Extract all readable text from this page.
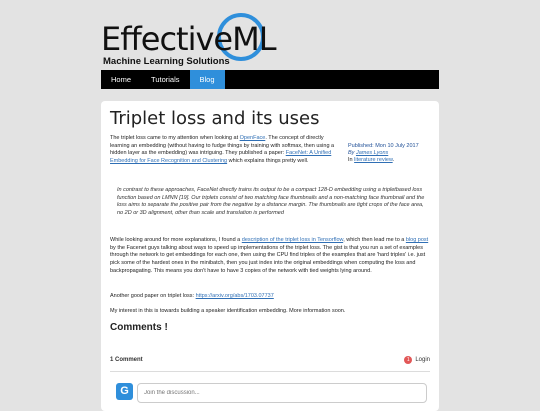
EffectiveML
Machine Learning Solutions
Home	Tutorials	Blog
Triplet loss and its uses

The triplet loss came to my attention when looking at OpenFace. The concept of directly learning an embedding (without having to fudge things by training with softmax, then using a hidden layer as the embedding) was intriguing. They published a paper: FaceNet: A Unified Embedding for Face Recognition and Clustering which explains things pretty well.

Published: Mon 10 July 2017
By James Lyons
In literature review.

In contrast to these approaches, FaceNet directly trains its output to be a compact 128-D embedding using a tripletbased loss function based on LMNN [19]. Our triplets consist of two matching face thumbnails and a non-matching face thumbnail and the loss aims to separate the positive pair from the negative by a distance margin. The thumbnails are tight crops of the face area, no 2D or 3D alignment, other than scale and translation is performed

While looking around for more explanations, I found a description of the triplet loss in Tensorflow, which then lead me to a blog post by the Facenet guys talking about ways to speed up implementations of the triplet loss. The gist is that you run a set of examples through the network to get embeddings for each one, then using the CPU find triples of the examples that are 'hard triples' i.e. just pick some of the hardest ones in the minibatch, then you just index into the original embeddings when computing the loss and backpropagating. This means you don't have to have 3 copies of the network with tied weights lying around.

Another good paper on triplet loss: https://arxiv.org/abs/1703.07737

My interest in this is towards building a speaker identification embedding. More information soon.

Comments !
1 Comment	1 Login
G
Join the discussion...
